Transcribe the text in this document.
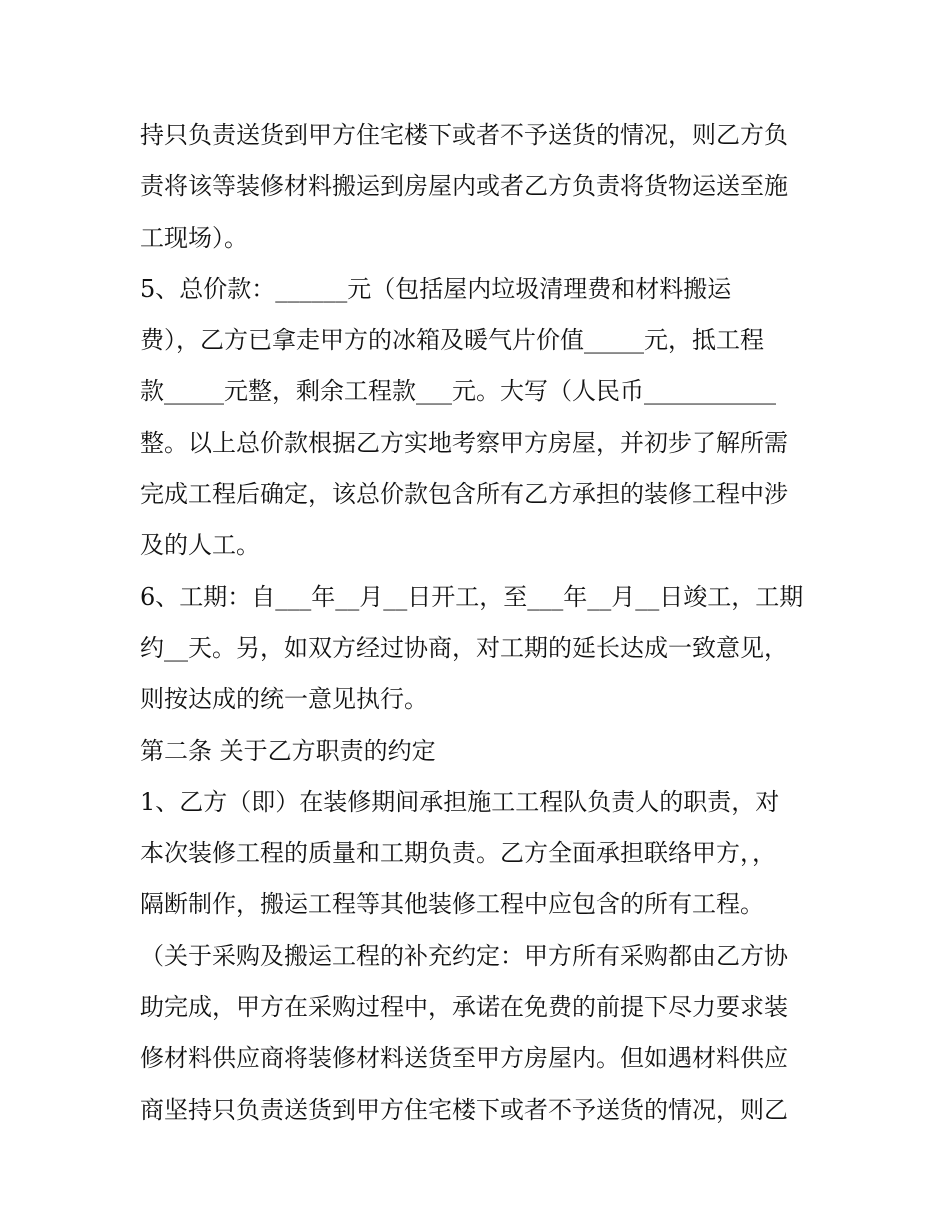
持只负责送货到甲方住宅楼下或者不予送货的情况，则乙方负
责将该等装修材料搬运到房屋内或者乙方负责将货物运送至施
工现场）。
5、总价款：______元（包括屋内垃圾清理费和材料搬运
费），乙方已拿走甲方的冰箱及暖气片价值_____元，抵工程
款_____元整，剩余工程款___元。大写（人民币___________
整。以上总价款根据乙方实地考察甲方房屋，并初步了解所需
完成工程后确定，该总价款包含所有乙方承担的装修工程中涉
及的人工。
6、工期：自___年__月__日开工，至___年__月__日竣工，工期
约__天。另，如双方经过协商，对工期的延长达成一致意见，
则按达成的统一意见执行。
第二条 关于乙方职责的约定
1、乙方（即）在装修期间承担施工工程队负责人的职责，对
本次装修工程的质量和工期负责。乙方全面承担联络甲方，，
隔断制作，搬运工程等其他装修工程中应包含的所有工程。
（关于采购及搬运工程的补充约定：甲方所有采购都由乙方协
助完成，甲方在采购过程中，承诺在免费的前提下尽力要求装
修材料供应商将装修材料送货至甲方房屋内。但如遇材料供应
商坚持只负责送货到甲方住宅楼下或者不予送货的情况，则乙
